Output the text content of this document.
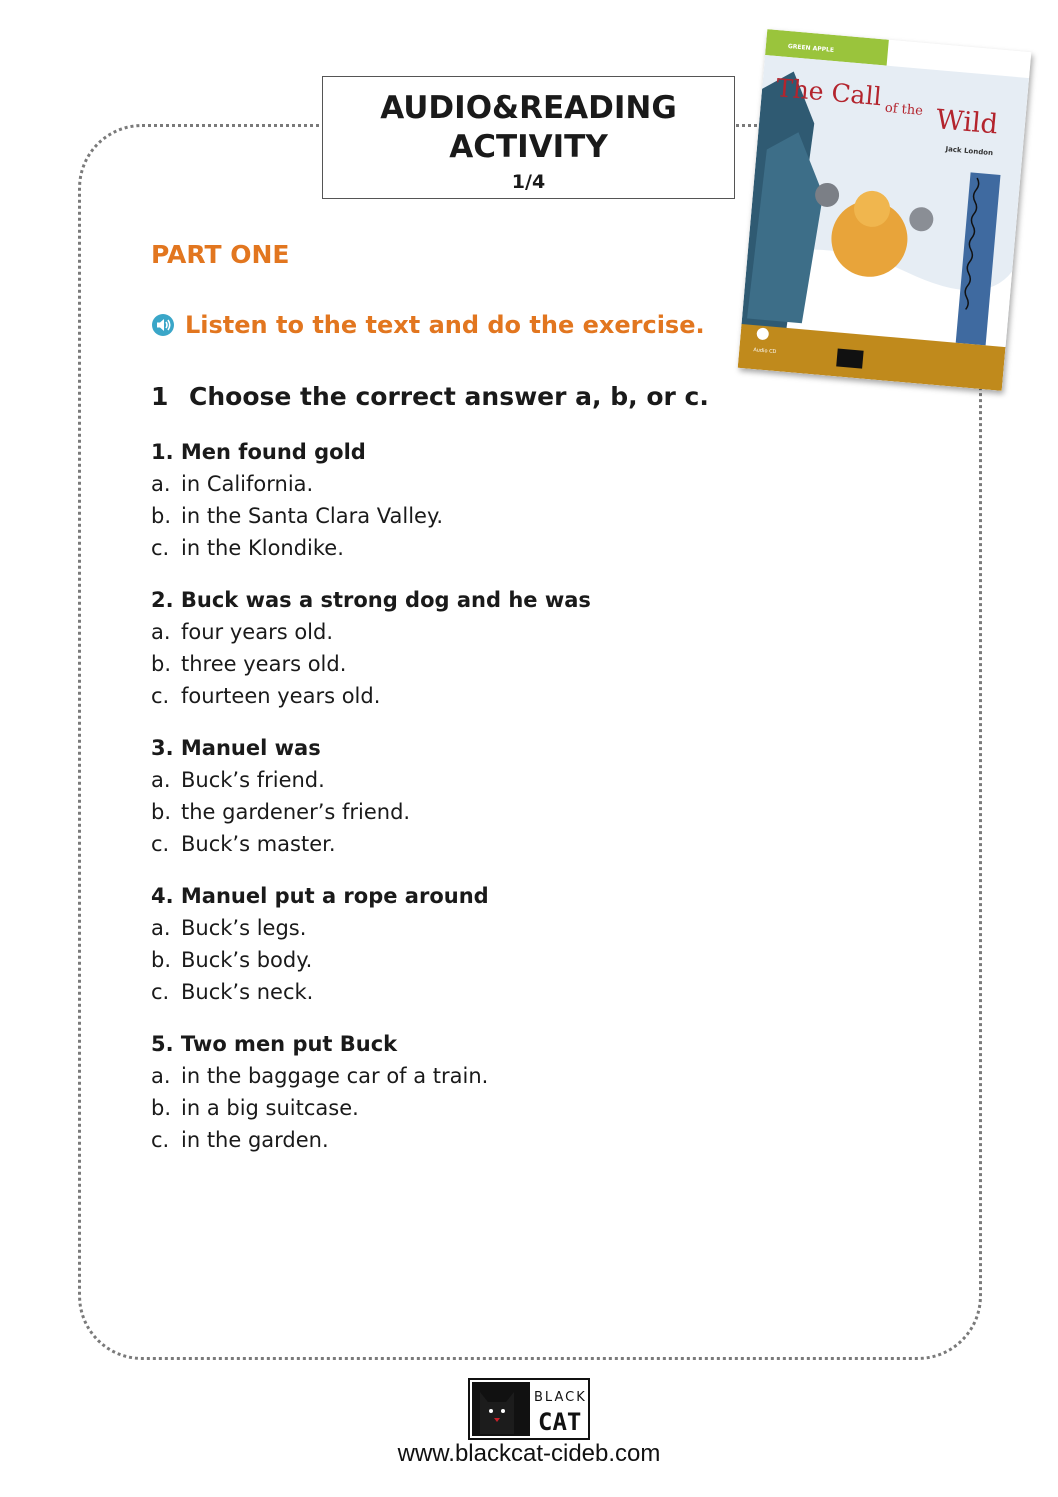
AUDIO&READING
ACTIVITY
1/4
GREEN APPLE
The Call of the Wild
Jack London
Audio CD
PART ONE
Listen to the text and do the exercise.
1 Choose the correct answer a, b, or c.
1. Men found gold
a. in California.
b. in the Santa Clara Valley.
c. in the Klondike.
2. Buck was a strong dog and he was
a. four years old.
b. three years old.
c. fourteen years old.
3. Manuel was
a. Buck’s friend.
b. the gardener’s friend.
c. Buck’s master.
4. Manuel put a rope around
a. Buck’s legs.
b. Buck’s body.
c. Buck’s neck.
5. Two men put Buck
a. in the baggage car of a train.
b. in a big suitcase.
c. in the garden.
BLACK
CAT
www.blackcat-cideb.com
